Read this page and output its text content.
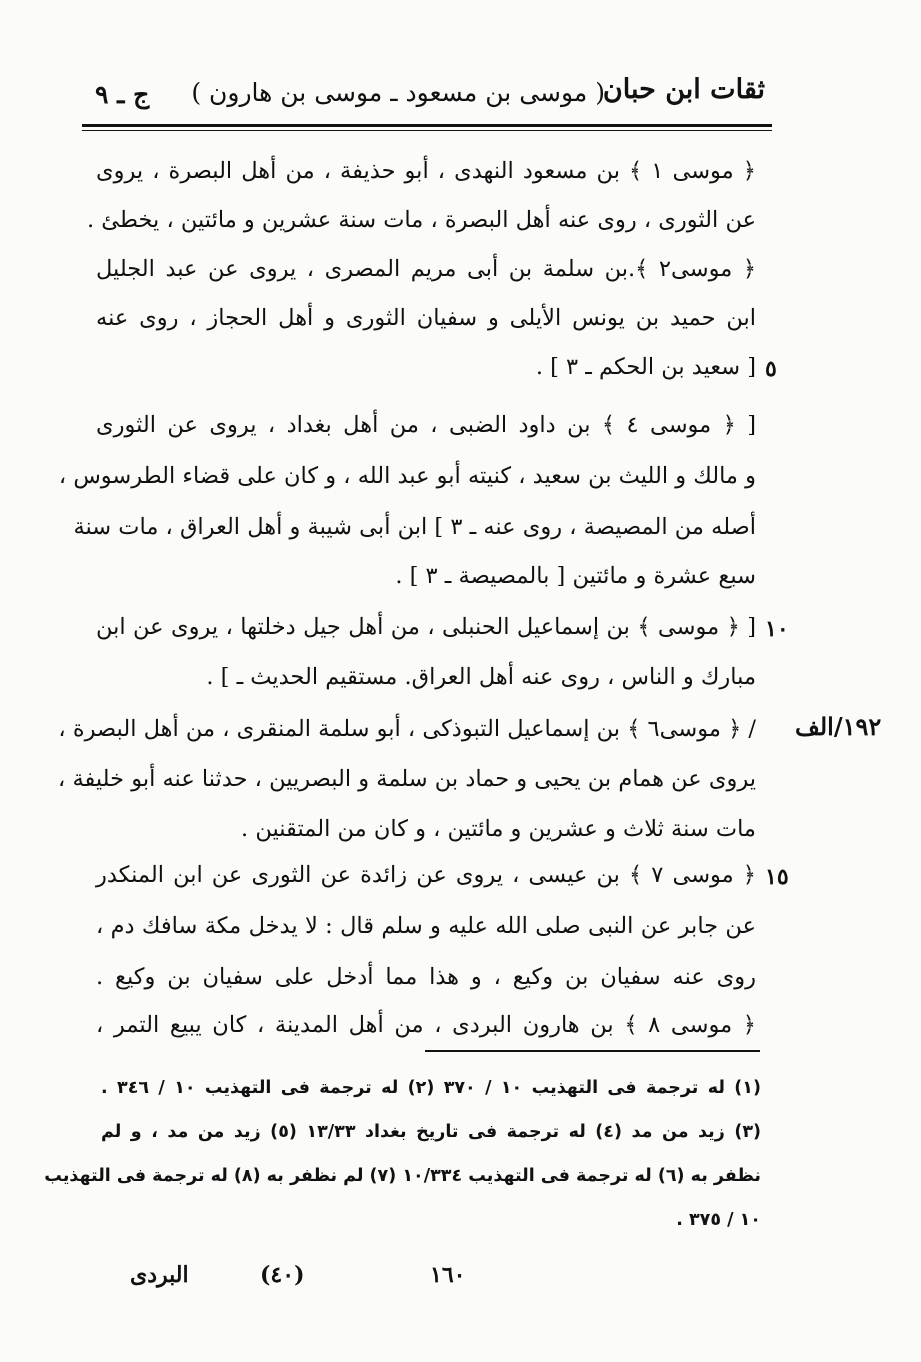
ثقات ابن حبان
( موسى بن مسعود ـ موسى بن هارون )
ج ـ ٩
﴿ موسى ١ ﴾ بن مسعود النهدى ، أبو حذيفة ، من أهل البصرة ، يروى
عن الثورى ، روى عنه أهل البصرة ، مات سنة عشرين و مائتين ، يخطئ .
﴿ موسى٢ ﴾.بن سلمة بن أبى مريم المصرى ، يروى عن عبد الجليل
ابن حميد بن يونس الأيلى و سفيان الثورى و أهل الحجاز ، روى عنه
[ سعيد بن الحكم ـ ٣ ] .
[ ﴿ موسى ٤ ﴾ بن داود الضبى ، من أهل بغداد ، يروى عن الثورى
و مالك و الليث بن سعيد ، كنيته أبو عبد الله ، و كان على قضاء الطرسوس ،
أصله من المصيصة ، روى عنه ـ ٣ ] ابن أبى شيبة و أهل العراق ، مات سنة
سبع عشرة و مائتين [ بالمصيصة ـ ٣ ] .
[ ﴿ موسى ﴾ بن إسماعيل الحنبلى ، من أهل جيل دخلتها ، يروى عن ابن
مبارك و الناس ، روى عنه أهل العراق. مستقيم الحديث ـ ] .
/ ﴿ موسى٦ ﴾ بن إسماعيل التبوذكى ، أبو سلمة المنقرى ، من أهل البصرة ،
يروى عن همام بن يحيى و حماد بن سلمة و البصريين ، حدثنا عنه أبو خليفة ،
مات سنة ثلاث و عشرين و مائتين ، و كان من المتقنين .
﴿ موسى ٧ ﴾ بن عيسى ، يروى عن زائدة عن الثورى عن ابن المنكدر
عن جابر عن النبى صلى الله عليه و سلم قال : لا يدخل مكة سافك دم ،
روى عنه سفيان بن وكيع ، و هذا مما أدخل على سفيان بن وكيع .
﴿ موسى ٨ ﴾ بن هارون البردى ، من أهل المدينة ، كان يبيع التمر ،
٥
١٠
١٥
١٩٢/الف
(١) له ترجمة فى التهذيب ١٠ / ٣٧٠ (٢) له ترجمة فى التهذيب ١٠ / ٣٤٦ .
(٣) زيد من مد (٤) له ترجمة فى تاريخ بغداد ١٣/٣٣ (٥) زيد من مد ، و لم
نظفر به (٦) له ترجمة فى التهذيب ١٠/٣٣٤ (٧) لم نظفر به (٨) له ترجمة فى التهذيب
١٠ / ٣٧٥ .
البردى	(٤٠)	١٦٠
